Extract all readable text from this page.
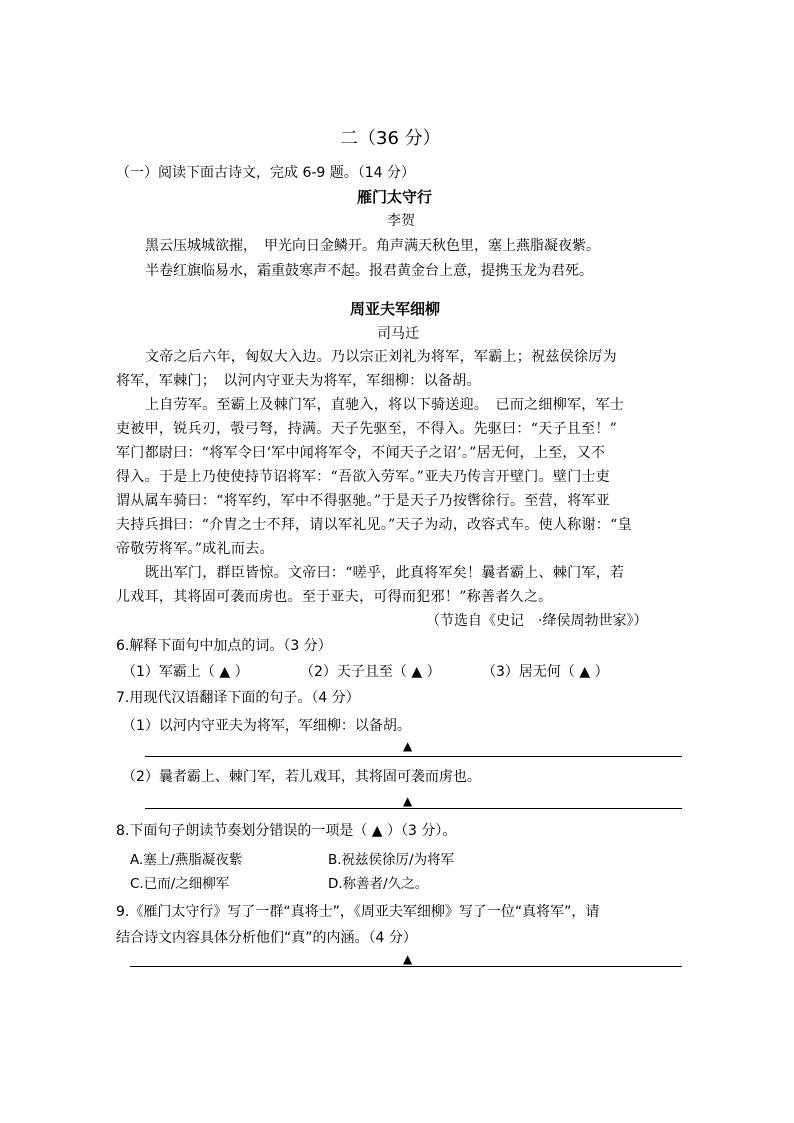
二（36 分）
（一）阅读下面古诗文，完成 6-9 题。（14 分）
雁门太守行
李贺
黑云压城城欲摧，　甲光向日金鳞开。角声满天秋色里，塞上燕脂凝夜紫。
半卷红旗临易水，霜重鼓寒声不起。报君黄金台上意，提携玉龙为君死。
周亚夫军细柳
司马迁
文帝之后六年，匈奴大入边。乃以宗正刘礼为将军，军霸上；祝兹侯徐厉为
将军，军棘门；　以河内守亚夫为将军，军细柳：以备胡。
上自劳军。至霸上及棘门军，直驰入，将以下骑送迎。　已而之细柳军，军士
吏被甲，锐兵刃，彀弓弩，持满。天子先驱至，不得入。先驱曰：“天子且至！”
军门都尉曰：“将军令曰‘军中闻将军令，不闻天子之诏’。”居无何，上至，又不
得入。于是上乃使使持节诏将军：“吾欲入劳军。”亚夫乃传言开壁门。壁门士吏
谓从属车骑曰：“将军约，军中不得驱驰。”于是天子乃按辔徐行。至营，将军亚
夫持兵揖曰：“介胄之士不拜，请以军礼见。”天子为动，改容式车。使人称谢：“皇
帝敬劳将军。”成礼而去。
既出军门，群臣皆惊。文帝曰：“嗟乎，此真将军矣！曩者霸上、棘门军，若
儿戏耳，其将固可袭而虏也。至于亚夫，可得而犯邪！”称善者久之。
（节选自《史记　·绛侯周勃世家》）
6.解释下面句中加点的词。（3 分）
（1）军霸上（ ▲ ）	（2）天子且至（ ▲ ）	（3）居无何（ ▲ ）
7.用现代汉语翻译下面的句子。（4 分）
（1）以河内守亚夫为将军，军细柳：以备胡。
▲
（2）曩者霸上、棘门军，若儿戏耳，其将固可袭而虏也。
▲
8.下面句子朗读节奏划分错误的一项是（ ▲ ）（3 分）。
A.塞上/燕脂凝夜紫	B.祝兹侯徐厉/为将军
C.已而/之细柳军	D.称善者/久之。
9.《雁门太守行》写了一群“真将士”，《周亚夫军细柳》写了一位“真将军”，请
结合诗文内容具体分析他们“真”的内涵。（4 分）
▲
